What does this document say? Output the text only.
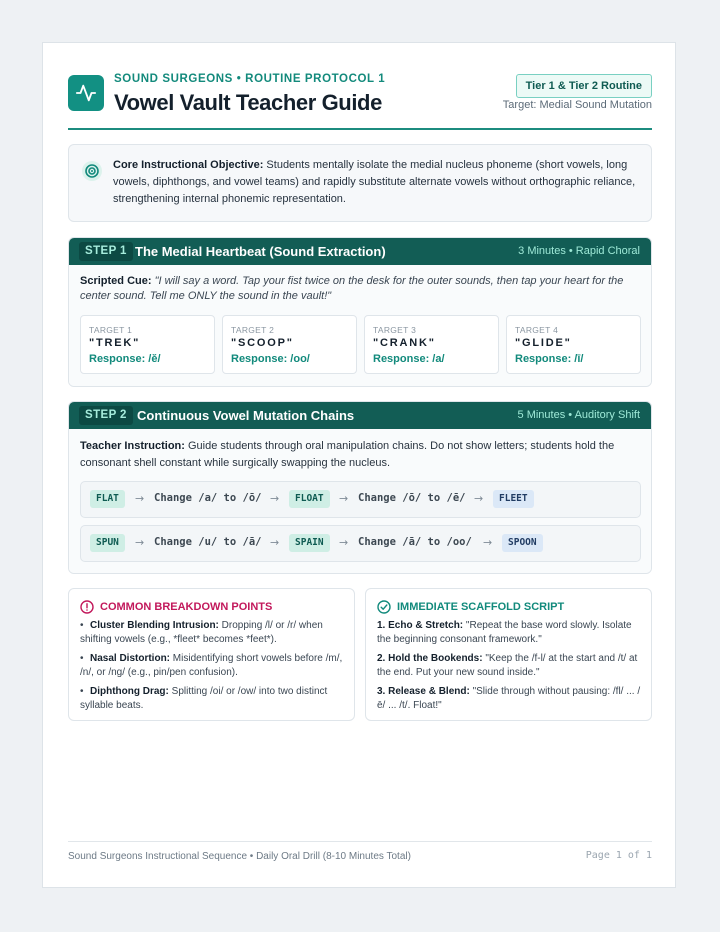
SOUND SURGEONS • ROUTINE PROTOCOL 1
Vowel Vault Teacher Guide
Tier 1 & Tier 2 Routine
Target: Medial Sound Mutation
Core Instructional Objective: Students mentally isolate the medial nucleus phoneme (short vowels, long vowels, diphthongs, and vowel teams) and rapidly substitute alternate vowels without orthographic reliance, strengthening internal phonemic representation.
STEP 1 The Medial Heartbeat (Sound Extraction)	3 Minutes • Rapid Choral
Scripted Cue: "I will say a word. Tap your fist twice on the desk for the outer sounds, then tap your heart for the center sound. Tell me ONLY the sound in the vault!"
TARGET 1
"TREK"
Response: /ĕ/
TARGET 2
"SCOOP"
Response: /oo/
TARGET 3
"CRANK"
Response: /a/
TARGET 4
"GLIDE"
Response: /ī/
STEP 2 Continuous Vowel Mutation Chains	5 Minutes • Auditory Shift
Teacher Instruction: Guide students through oral manipulation chains. Do not show letters; students hold the consonant shell constant while surgically swapping the nucleus.
FLAT	→ Change /a/ to /ō/ →	FLOAT	→ Change /ō/ to /ē/ →	FLEET
SPUN	→ Change /u/ to /ā/ →	SPAIN	→ Change /ā/ to /oo/ →	SPOON
COMMON BREAKDOWN POINTS
• Cluster Blending Intrusion: Dropping /l/ or /r/ when shifting vowels (e.g., *fleet* becomes *feet*).
• Nasal Distortion: Misidentifying short vowels before /m/, /n/, or /ng/ (e.g., pin/pen confusion).
• Diphthong Drag: Splitting /oi/ or /ow/ into two distinct syllable beats.
IMMEDIATE SCAFFOLD SCRIPT
1. Echo & Stretch: "Repeat the base word slowly. Isolate the beginning consonant framework."
2. Hold the Bookends: "Keep the /f-l/ at the start and /t/ at the end. Put your new sound inside."
3. Release & Blend: "Slide through without pausing: /fl/ ... /ē/ ... /t/. Float!"
Sound Surgeons Instructional Sequence • Daily Oral Drill (8-10 Minutes Total)	Page 1 of 1
